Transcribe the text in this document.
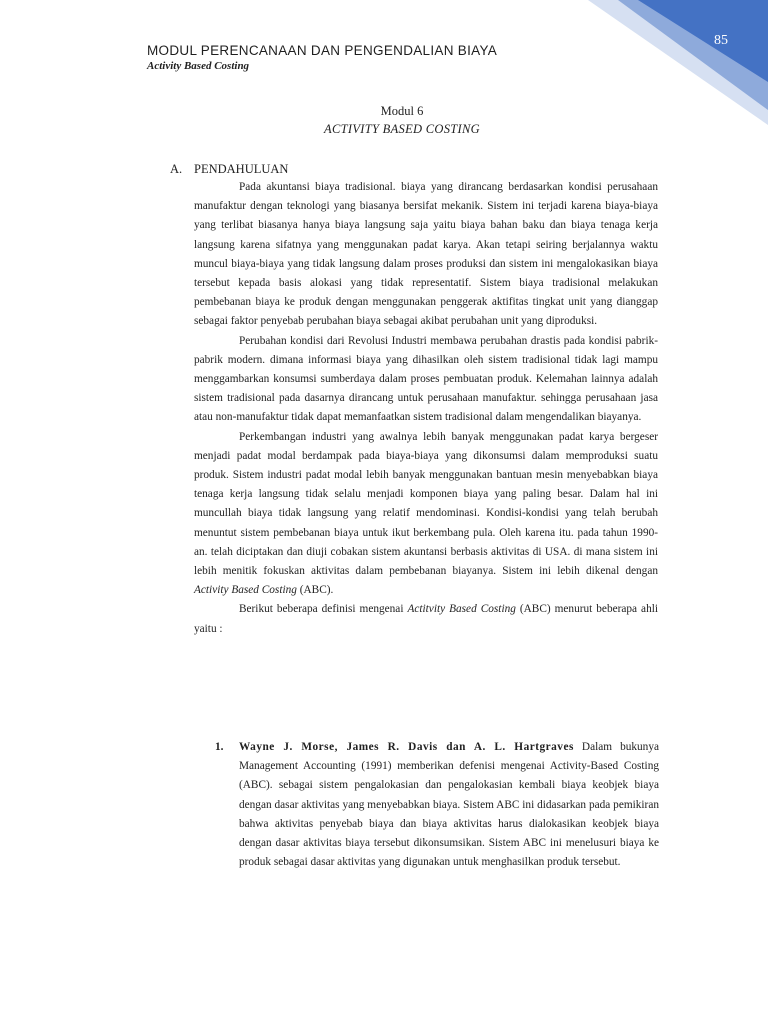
85
MODUL PERENCANAAN DAN PENGENDALIAN BIAYA
Activity Based Costing
Modul 6
ACTIVITY BASED COSTING
A. PENDAHULUAN

Pada akuntansi biaya tradisional. biaya yang dirancang berdasarkan kondisi perusahaan manufaktur dengan teknologi yang biasanya bersifat mekanik. Sistem ini terjadi karena biaya-biaya yang terlibat biasanya hanya biaya langsung saja yaitu biaya bahan baku dan biaya tenaga kerja langsung karena sifatnya yang menggunakan padat karya. Akan tetapi seiring berjalannya waktu muncul biaya-biaya yang tidak langsung dalam proses produksi dan sistem ini mengalokasikan biaya tersebut kepada basis alokasi yang tidak representatif. Sistem biaya tradisional melakukan pembebanan biaya ke produk dengan menggunakan penggerak aktifitas tingkat unit yang dianggap sebagai faktor penyebab perubahan biaya sebagai akibat perubahan unit yang diproduksi.

Perubahan kondisi dari Revolusi Industri membawa perubahan drastis pada kondisi pabrik-pabrik modern. dimana informasi biaya yang dihasilkan oleh sistem tradisional tidak lagi mampu menggambarkan konsumsi sumberdaya dalam proses pembuatan produk. Kelemahan lainnya adalah sistem tradisional pada dasarnya dirancang untuk perusahaan manufaktur. sehingga perusahaan jasa atau non-manufaktur tidak dapat memanfaatkan sistem tradisional dalam mengendalikan biayanya.

Perkembangan industri yang awalnya lebih banyak menggunakan padat karya bergeser menjadi padat modal berdampak pada biaya-biaya yang dikonsumsi dalam memproduksi suatu produk. Sistem industri padat modal lebih banyak menggunakan bantuan mesin menyebabkan biaya tenaga kerja langsung tidak selalu menjadi komponen biaya yang paling besar. Dalam hal ini muncullah biaya tidak langsung yang relatif mendominasi. Kondisi-kondisi yang telah berubah menuntut sistem pembebanan biaya untuk ikut berkembang pula. Oleh karena itu. pada tahun 1990-an. telah diciptakan dan diuji cobakan sistem akuntansi berbasis aktivitas di USA. di mana sistem ini lebih menitik fokuskan aktivitas dalam pembebanan biayanya. Sistem ini lebih dikenal dengan Activity Based Costing (ABC).

Berikut beberapa definisi mengenai Actitvity Based Costing (ABC) menurut beberapa ahli yaitu :

1.	Wayne J. Morse, James R. Davis dan A. L. Hartgraves Dalam bukunya Management Accounting (1991) memberikan defenisi mengenai Activity-Based Costing (ABC). sebagai sistem pengalokasian dan pengalokasian kembali biaya keobjek biaya dengan dasar aktivitas yang menyebabkan biaya. Sistem ABC ini didasarkan pada pemikiran bahwa aktivitas penyebab biaya dan biaya aktivitas harus dialokasikan keobjek biaya dengan dasar aktivitas biaya tersebut dikonsumsikan. Sistem ABC ini menelusuri biaya ke produk sebagai dasar aktivitas yang digunakan untuk menghasilkan produk tersebut.
